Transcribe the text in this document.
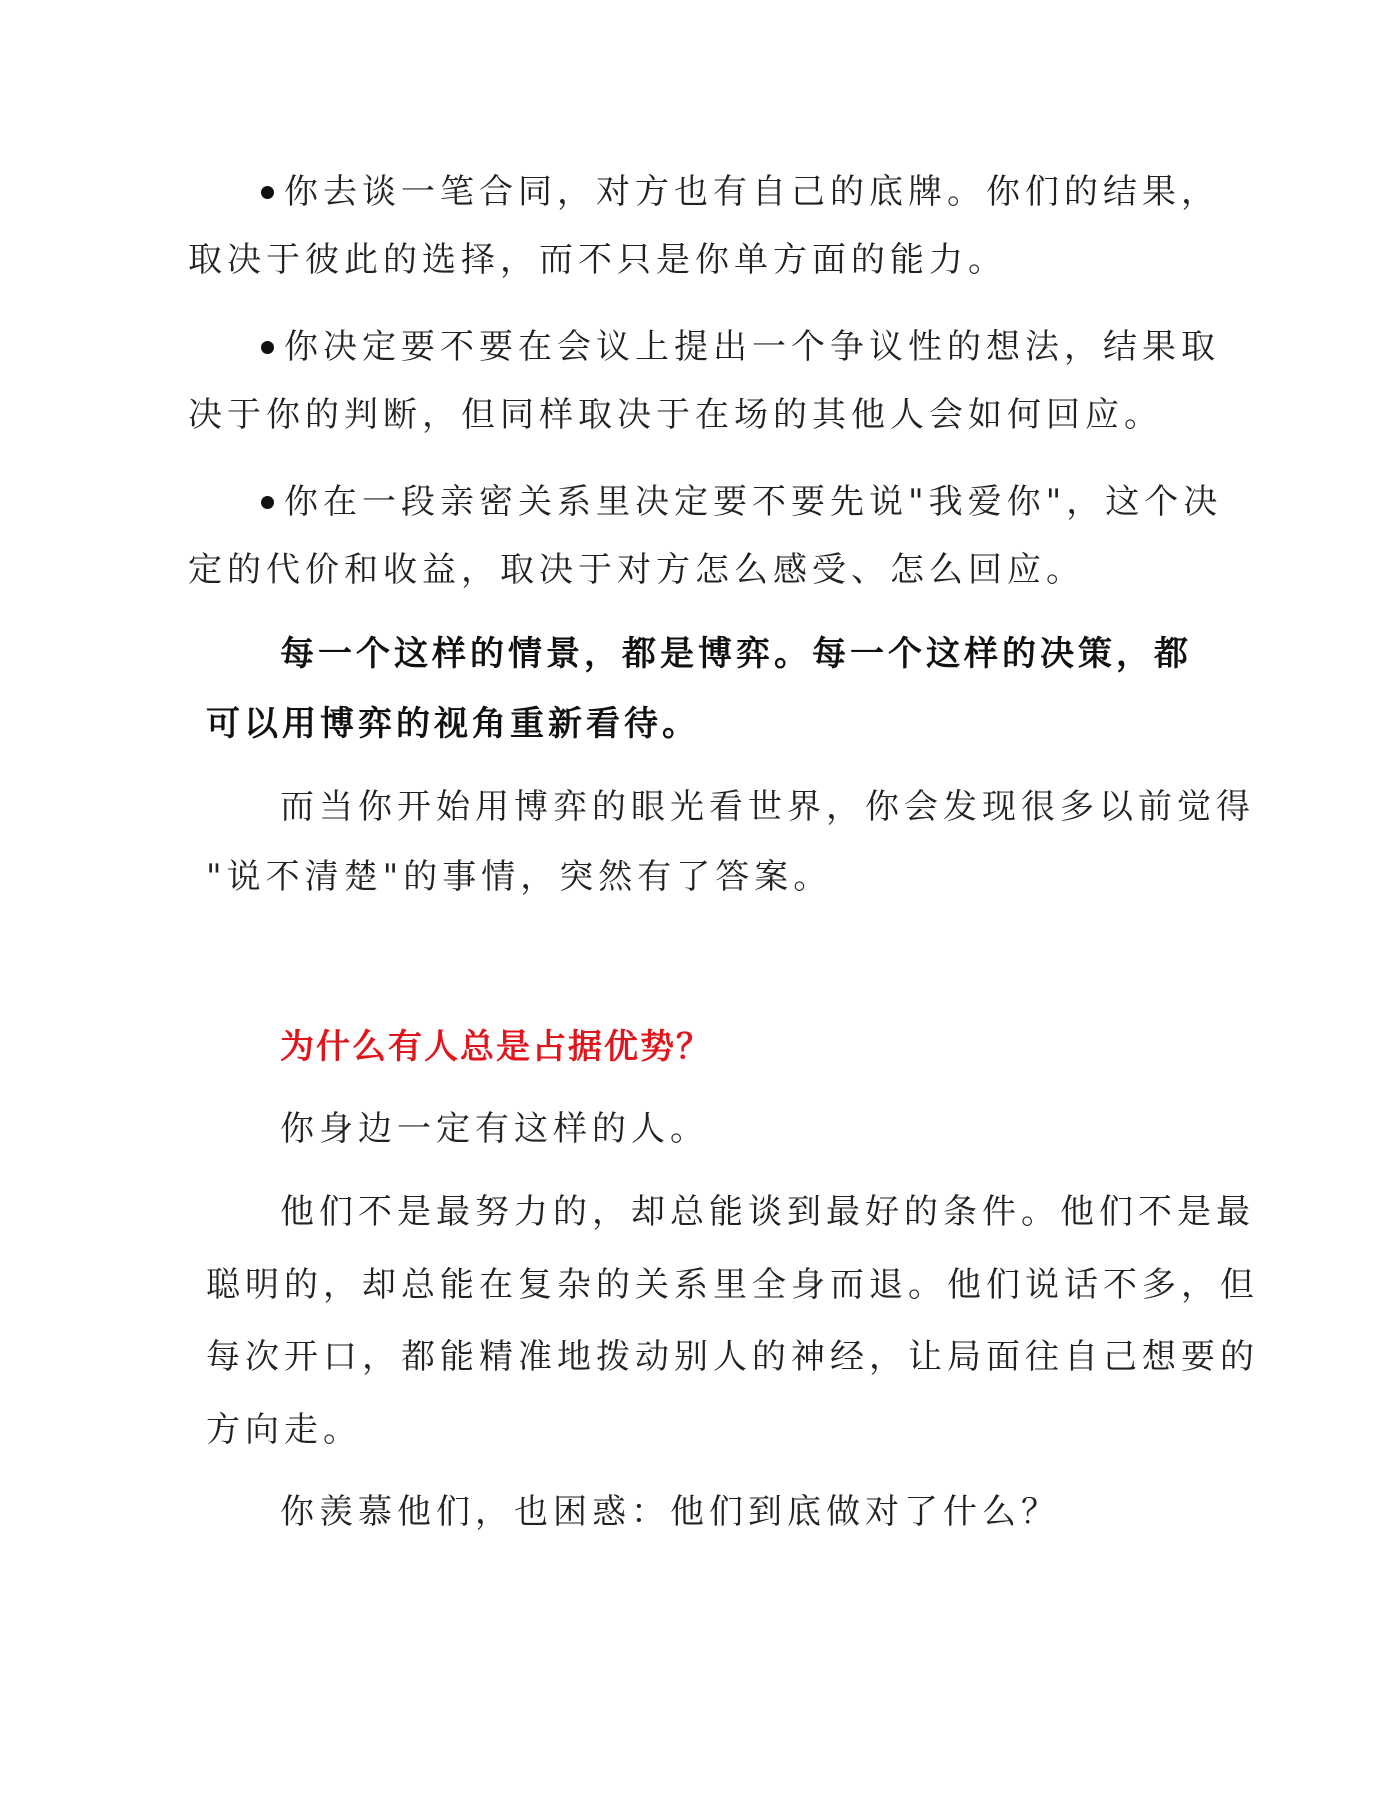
你去谈一笔合同，对方也有自己的底牌。你们的结果，
取决于彼此的选择，而不只是你单方面的能力。
你决定要不要在会议上提出一个争议性的想法，结果取
决于你的判断，但同样取决于在场的其他人会如何回应。
你在一段亲密关系里决定要不要先说"我爱你"，这个决
定的代价和收益，取决于对方怎么感受、怎么回应。
每一个这样的情景，都是博弈。每一个这样的决策，都
可以用博弈的视角重新看待。
而当你开始用博弈的眼光看世界，你会发现很多以前觉得
"说不清楚"的事情，突然有了答案。
为什么有人总是占据优势？
你身边一定有这样的人。
他们不是最努力的，却总能谈到最好的条件。他们不是最
聪明的，却总能在复杂的关系里全身而退。他们说话不多，但
每次开口，都能精准地拨动别人的神经，让局面往自己想要的
方向走。
你羡慕他们，也困惑：他们到底做对了什么？
